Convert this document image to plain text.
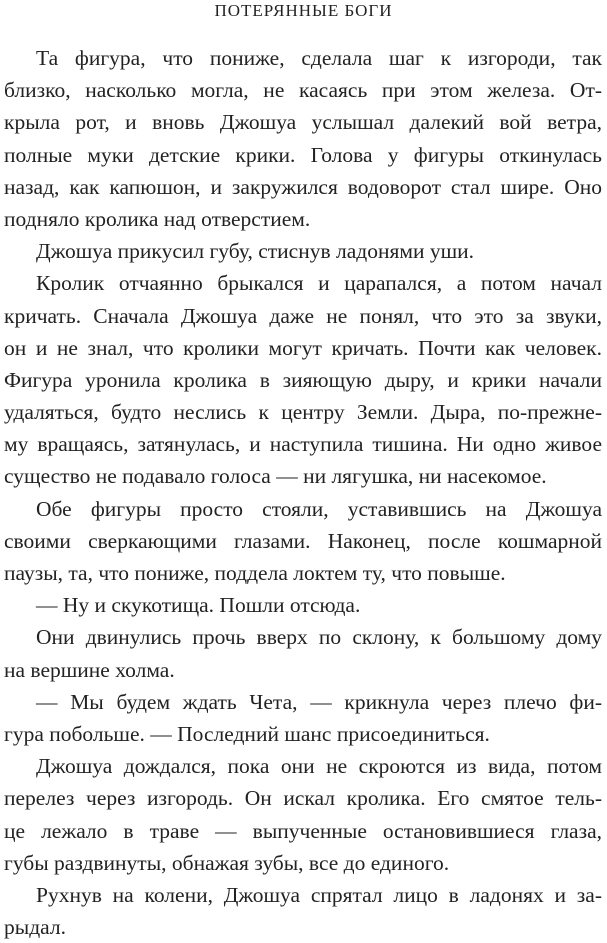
ПОТЕРЯННЫЕ БОГИ
Та фигура, что пониже, сделала шаг к изгороди, так
близко, насколько могла, не касаясь при этом железа. От-
крыла рот, и вновь Джошуа услышал далекий вой ветра,
полные муки детские крики. Голова у фигуры откинулась
назад, как капюшон, и закружился водоворот стал шире. Оно
подняло кролика над отверстием.
Джошуа прикусил губу, стиснув ладонями уши.
Кролик отчаянно брыкался и царапался, а потом начал
кричать. Сначала Джошуа даже не понял, что это за звуки,
он и не знал, что кролики могут кричать. Почти как человек.
Фигура уронила кролика в зияющую дыру, и крики начали
удаляться, будто неслись к центру Земли. Дыра, по-прежне-
му вращаясь, затянулась, и наступила тишина. Ни одно живое
существо не подавало голоса — ни лягушка, ни насекомое.
Обе фигуры просто стояли, уставившись на Джошуа
своими сверкающими глазами. Наконец, после кошмарной
паузы, та, что пониже, поддела локтем ту, что повыше.
— Ну и скукотища. Пошли отсюда.
Они двинулись прочь вверх по склону, к большому дому
на вершине холма.
— Мы будем ждать Чета, — крикнула через плечо фи-
гура побольше. — Последний шанс присоединиться.
Джошуа дождался, пока они не скроются из вида, потом
перелез через изгородь. Он искал кролика. Его смятое тель-
це лежало в траве — выпученные остановившиеся глаза,
губы раздвинуты, обнажая зубы, все до единого.
Рухнув на колени, Джошуа спрятал лицо в ладонях и за-
рыдал.
